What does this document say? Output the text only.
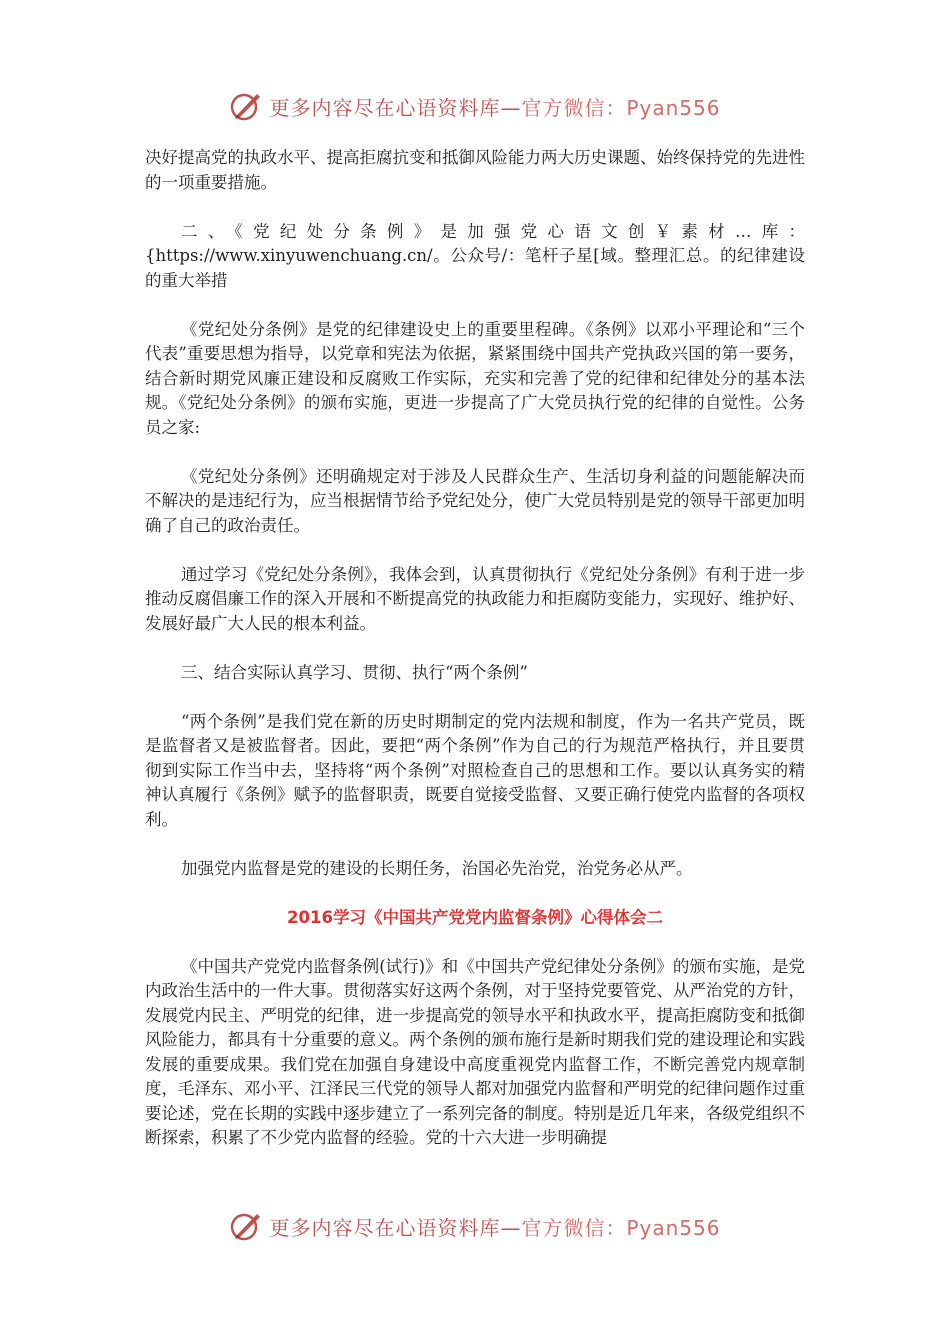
更多内容尽在心语资料库—官方微信：Pyan556

决好提高党的执政水平、提高拒腐抗变和抵御风险能力两大历史课题、始终保持党的先进性的一项重要措施。

二、《党纪处分条例》是加强党心语文创￥素材…库：{https://www.xinyuwenchuang.cn/。公众号/：笔杆子星[域。整理汇总。的纪律建设的重大举措

《党纪处分条例》是党的纪律建设史上的重要里程碑。《条例》以邓小平理论和“三个代表”重要思想为指导，以党章和宪法为依据，紧紧围绕中国共产党执政兴国的第一要务，结合新时期党风廉正建设和反腐败工作实际，充实和完善了党的纪律和纪律处分的基本法规。《党纪处分条例》的颁布实施，更进一步提高了广大党员执行党的纪律的自觉性。公务员之家:

《党纪处分条例》还明确规定对于涉及人民群众生产、生活切身利益的问题能解决而不解决的是违纪行为，应当根据情节给予党纪处分，使广大党员特别是党的领导干部更加明确了自己的政治责任。

通过学习《党纪处分条例》，我体会到，认真贯彻执行《党纪处分条例》有利于进一步推动反腐倡廉工作的深入开展和不断提高党的执政能力和拒腐防变能力，实现好、维护好、发展好最广大人民的根本利益。

三、结合实际认真学习、贯彻、执行“两个条例”

“两个条例”是我们党在新的历史时期制定的党内法规和制度，作为一名共产党员，既是监督者又是被监督者。因此，要把“两个条例”作为自己的行为规范严格执行，并且要贯彻到实际工作当中去，坚持将“两个条例”对照检查自己的思想和工作。要以认真务实的精神认真履行《条例》赋予的监督职责，既要自觉接受监督、又要正确行使党内监督的各项权利。

加强党内监督是党的建设的长期任务，治国必先治党，治党务必从严。

2016学习《中国共产党党内监督条例》心得体会二

《中国共产党党内监督条例(试行)》和《中国共产党纪律处分条例》的颁布实施，是党内政治生活中的一件大事。贯彻落实好这两个条例，对于坚持党要管党、从严治党的方针，发展党内民主、严明党的纪律，进一步提高党的领导水平和执政水平，提高拒腐防变和抵御风险能力，都具有十分重要的意义。两个条例的颁布施行是新时期我们党的建设理论和实践发展的重要成果。我们党在加强自身建设中高度重视党内监督工作，不断完善党内规章制度，毛泽东、邓小平、江泽民三代党的领导人都对加强党内监督和严明党的纪律问题作过重要论述，党在长期的实践中逐步建立了一系列完备的制度。特别是近几年来，各级党组织不断探索，积累了不少党内监督的经验。党的十六大进一步明确提

更多内容尽在心语资料库—官方微信：Pyan556
